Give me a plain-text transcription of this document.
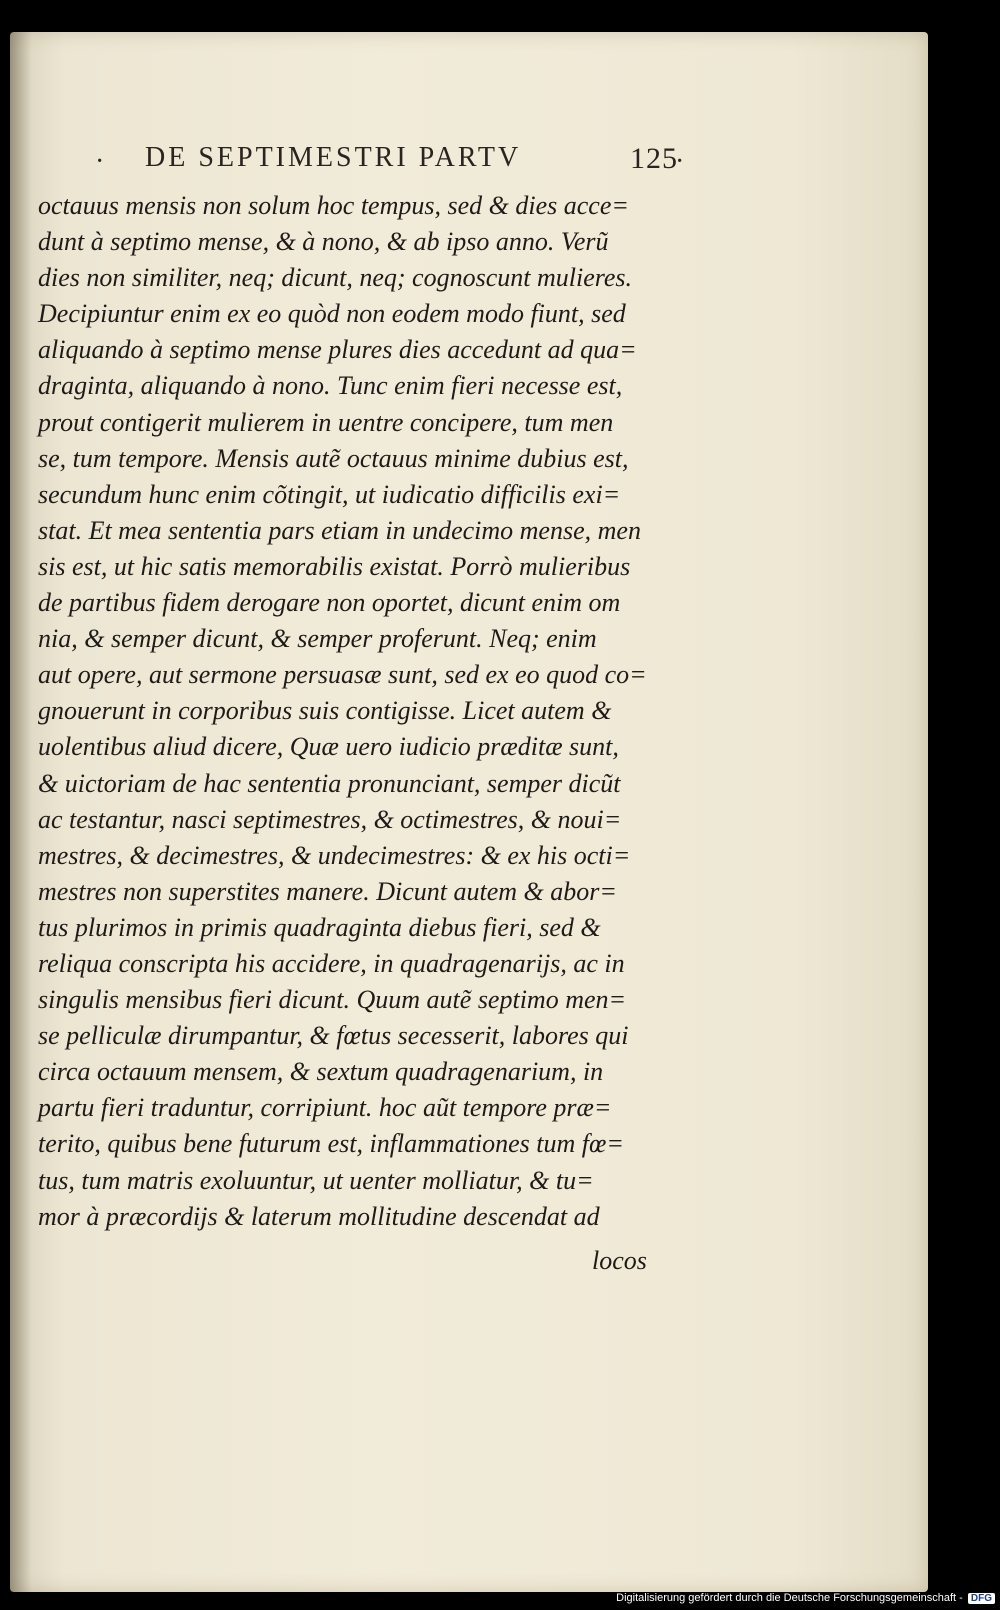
· DE SEPTIMESTRI PARTV	125
·
octauus mensis non solum hoc tempus, sed & dies acce=
dunt à septimo mense, & à nono, & ab ipso anno. Verũ
dies non similiter, neq; dicunt, neq; cognoscunt mulieres.
Decipiuntur enim ex eo quòd non eodem modo fiunt, sed
aliquando à septimo mense plures dies accedunt ad qua=
draginta, aliquando à nono. Tunc enim fieri necesse est,
prout contigerit mulierem in uentre concipere, tum men
se, tum tempore. Mensis autẽ octauus minime dubius est,
secundum hunc enim cõtingit, ut iudicatio difficilis exi=
stat. Et mea sententia pars etiam in undecimo mense, men
sis est, ut hic satis memorabilis existat. Porrò mulieribus
de partibus fidem derogare non oportet, dicunt enim om
nia, & semper dicunt, & semper proferunt. Neq; enim
aut opere, aut sermone persuasæ sunt, sed ex eo quod co=
gnouerunt in corporibus suis contigisse. Licet autem &
uolentibus aliud dicere, Quæ uero iudicio præditæ sunt,
& uictoriam de hac sententia pronunciant, semper dicũt
ac testantur, nasci septimestres, & octimestres, & noui=
mestres, & decimestres, & undecimestres: & ex his octi=
mestres non superstites manere. Dicunt autem & abor=
tus plurimos in primis quadraginta diebus fieri, sed &
reliqua conscripta his accidere, in quadragenarijs, ac in
singulis mensibus fieri dicunt. Quum autẽ septimo men=
se pelliculæ dirumpantur, & fœtus secesserit, labores qui
circa octauum mensem, & sextum quadragenarium, in
partu fieri traduntur, corripiunt. hoc aũt tempore præ=
terito, quibus bene futurum est, inflammationes tum fœ=
tus, tum matris exoluuntur, ut uenter molliatur, & tu=
mor à præcordijs & laterum mollitudine descendat ad
locos
Digitalisierung gefördert durch die Deutsche Forschungsgemeinschaft - DFG
